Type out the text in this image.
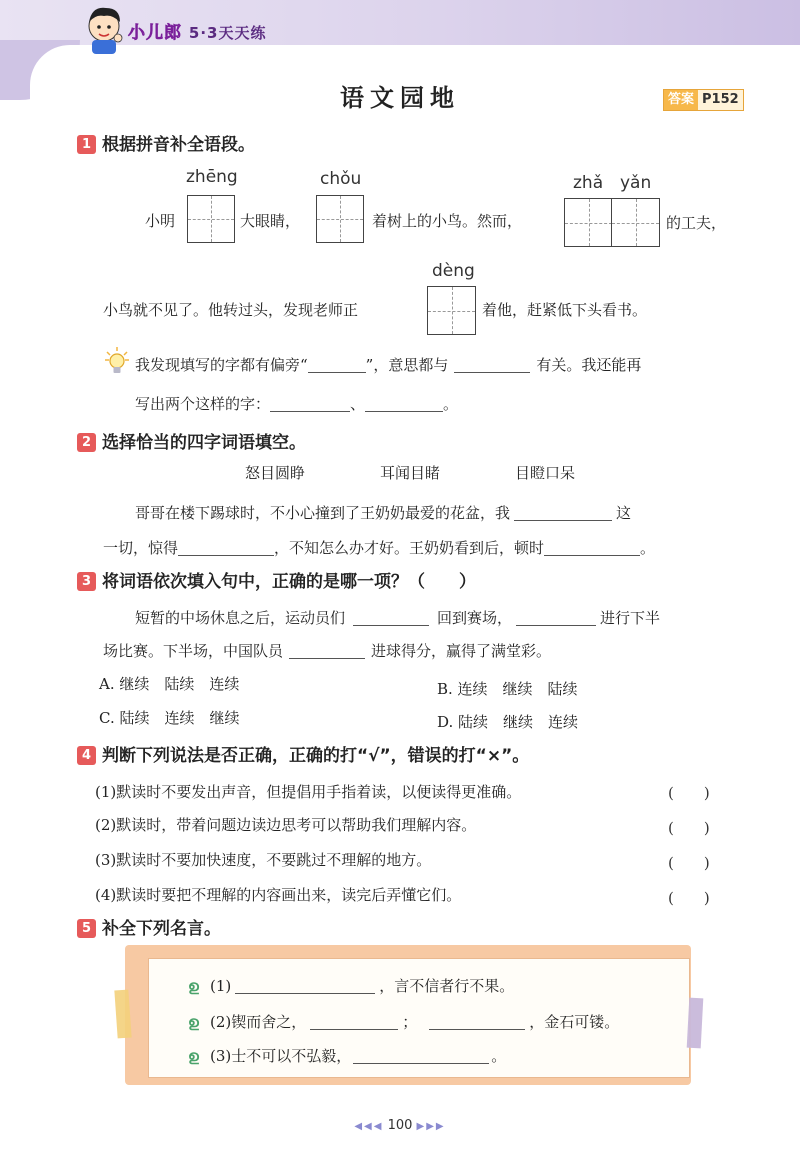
小儿郎 5·3天天练
语文园地	答案 P152
1 根据拼音补全语段。
zhēng	chǒu	zhǎ yǎn
小明	大眼睛，	着树上的小鸟。然而，	的工夫，
dèng
小鸟就不见了。他转过头，发现老师正	着他，赶紧低下头看书。
我发现填写的字都有偏旁“	”，意思都与	有关。我还能再
写出两个这样的字：	、	。
2 选择恰当的四字词语填空。
怒目圆睁	耳闻目睹	目瞪口呆
哥哥在楼下踢球时，不小心撞到了王奶奶最爱的花盆，我	这
一切，惊得	，不知怎么办才好。王奶奶看到后，顿时	。
3 将词语依次填入句中，正确的是哪一项？（　　）
短暂的中场休息之后，运动员们	回到赛场，	进行下半
场比赛。下半场，中国队员	进球得分，赢得了满堂彩。
A. 继续　陆续　连续	B. 连续　继续　陆续
C. 陆续　连续　继续	D. 陆续　继续　连续
4 判断下列说法是否正确，正确的打“√”，错误的打“×”。
(1)默读时不要发出声音，但提倡用手指着读，以便读得更准确。	(　　)
(2)默读时，带着问题边读边思考可以帮助我们理解内容。	(　　)
(3)默读时不要加快速度，不要跳过不理解的地方。	(　　)
(4)默读时要把不理解的内容画出来，读完后弄懂它们。	(　　)
5 补全下列名言。
ഉ (1)	，言不信者行不果。
ഉ (2)锲而舍之，	；	，金石可镂。
ഉ (3)士不可以不弘毅，	。
◀◀◀ 100 ▶▶▶
